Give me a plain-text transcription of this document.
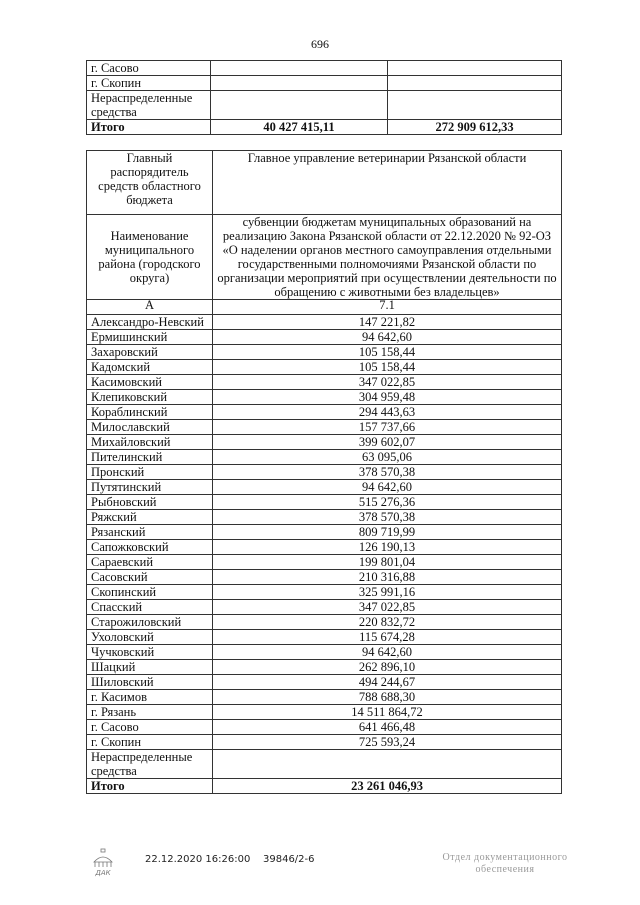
696
г. Сасово		
г. Скопин		
Нераспределенные средства		
Итого	40 427 415,11	272 909 612,33
Главный распорядитель средств областного бюджета	Главное управление ветеринарии Рязанской области
Наименование муниципального района (городского округа)	субвенции бюджетам муниципальных образований на реализацию Закона Рязанской области от 22.12.2020 № 92-ОЗ «О наделении органов местного самоуправления отдельными государственными полномочиями Рязанской области по организации мероприятий при осуществлении деятельности по обращению с животными без владельцев»
А	7.1
Александро-Невский	147 221,82
Ермишинский	94 642,60
Захаровский	105 158,44
Кадомский	105 158,44
Касимовский	347 022,85
Клепиковский	304 959,48
Кораблинский	294 443,63
Милославский	157 737,66
Михайловский	399 602,07
Пителинский	63 095,06
Пронский	378 570,38
Путятинский	94 642,60
Рыбновский	515 276,36
Ряжский	378 570,38
Рязанский	809 719,99
Сапожковский	126 190,13
Сараевский	199 801,04
Сасовский	210 316,88
Скопинский	325 991,16
Спасский	347 022,85
Старожиловский	220 832,72
Ухоловский	115 674,28
Чучковский	94 642,60
Шацкий	262 896,10
Шиловский	494 244,67
г. Касимов	788 688,30
г. Рязань	14 511 864,72
г. Сасово	641 466,48
г. Скопин	725 593,24
Нераспределенные средства	
Итого	23 261 046,93
ДАК
22.12.2020 16:26:00 39846/2-6	Отдел документационного обеспечения
